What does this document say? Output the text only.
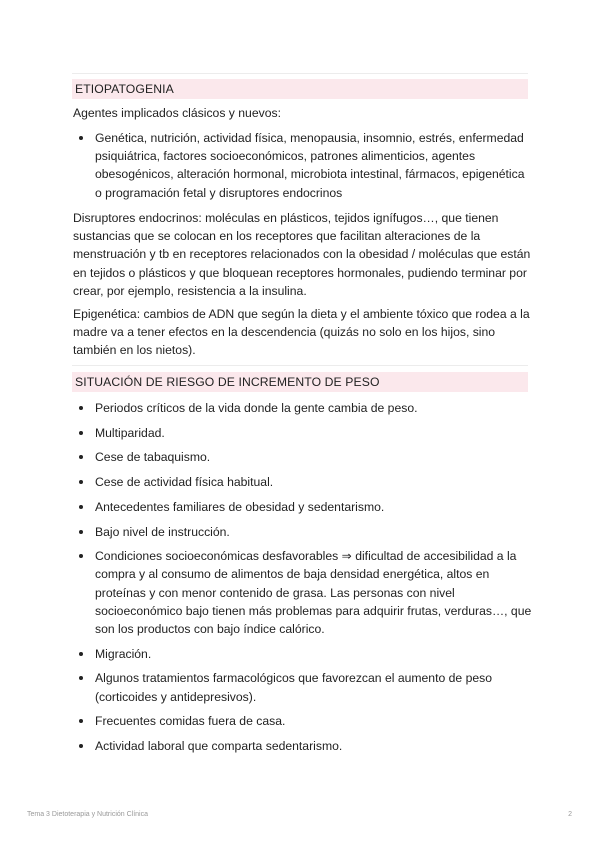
ETIOPATOGENIA

Agentes implicados clásicos y nuevos:

Genética, nutrición, actividad física, menopausia, insomnio, estrés, enfermedad psiquiátrica, factores socioeconómicos, patrones alimenticios, agentes obesogénicos, alteración hormonal, microbiota intestinal, fármacos, epigenética o programación fetal y disruptores endocrinos

Disruptores endocrinos: moléculas en plásticos, tejidos ignífugos…, que tienen sustancias que se colocan en los receptores que facilitan alteraciones de la menstruación y tb en receptores relacionados con la obesidad / moléculas que están en tejidos o plásticos y que bloquean receptores hormonales, pudiendo terminar por crear, por ejemplo, resistencia a la insulina.

Epigenética: cambios de ADN que según la dieta y el ambiente tóxico que rodea a la madre va a tener efectos en la descendencia (quizás no solo en los hijos, sino también en los nietos).

SITUACIÓN DE RIESGO DE INCREMENTO DE PESO
Periodos críticos de la vida donde la gente cambia de peso.
Multiparidad.
Cese de tabaquismo.
Cese de actividad física habitual.
Antecedentes familiares de obesidad y sedentarismo.
Bajo nivel de instrucción.
Condiciones socioeconómicas desfavorables ⇒ dificultad de accesibilidad a la compra y al consumo de alimentos de baja densidad energética, altos en proteínas y con menor contenido de grasa. Las personas con nivel socioeconómico bajo tienen más problemas para adquirir frutas, verduras…, que son los productos con bajo índice calórico.
Migración.
Algunos tratamientos farmacológicos que favorezcan el aumento de peso (corticoides y antidepresivos).
Frecuentes comidas fuera de casa.
Actividad laboral que comparta sedentarismo.
Tema 3 Dietoterapia y Nutrición Clínica	2
